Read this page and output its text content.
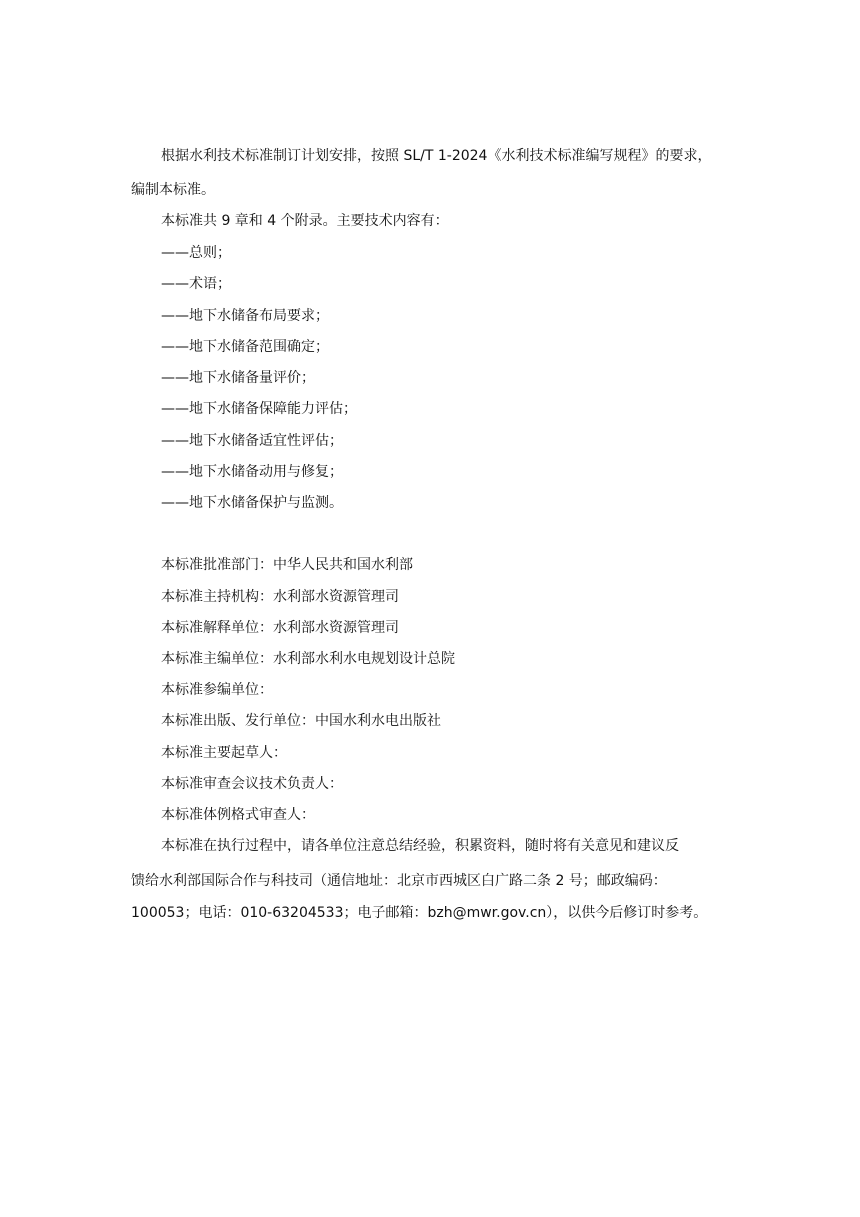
根据水利技术标准制订计划安排，按照 SL/T 1-2024《水利技术标准编写规程》的要求，
编制本标准。
本标准共 9 章和 4 个附录。主要技术内容有：
——总则；
——术语；
——地下水储备布局要求；
——地下水储备范围确定；
——地下水储备量评价；
——地下水储备保障能力评估；
——地下水储备适宜性评估；
——地下水储备动用与修复；
——地下水储备保护与监测。
本标准批准部门：中华人民共和国水利部
本标准主持机构：水利部水资源管理司
本标准解释单位：水利部水资源管理司
本标准主编单位：水利部水利水电规划设计总院
本标准参编单位：
本标准出版、发行单位：中国水利水电出版社
本标准主要起草人：
本标准审查会议技术负责人：
本标准体例格式审查人：
本标准在执行过程中，请各单位注意总结经验，积累资料，随时将有关意见和建议反
馈给水利部国际合作与科技司（通信地址：北京市西城区白广路二条 2 号；邮政编码：
100053；电话：010-63204533；电子邮箱：bzh@mwr.gov.cn），以供今后修订时参考。
